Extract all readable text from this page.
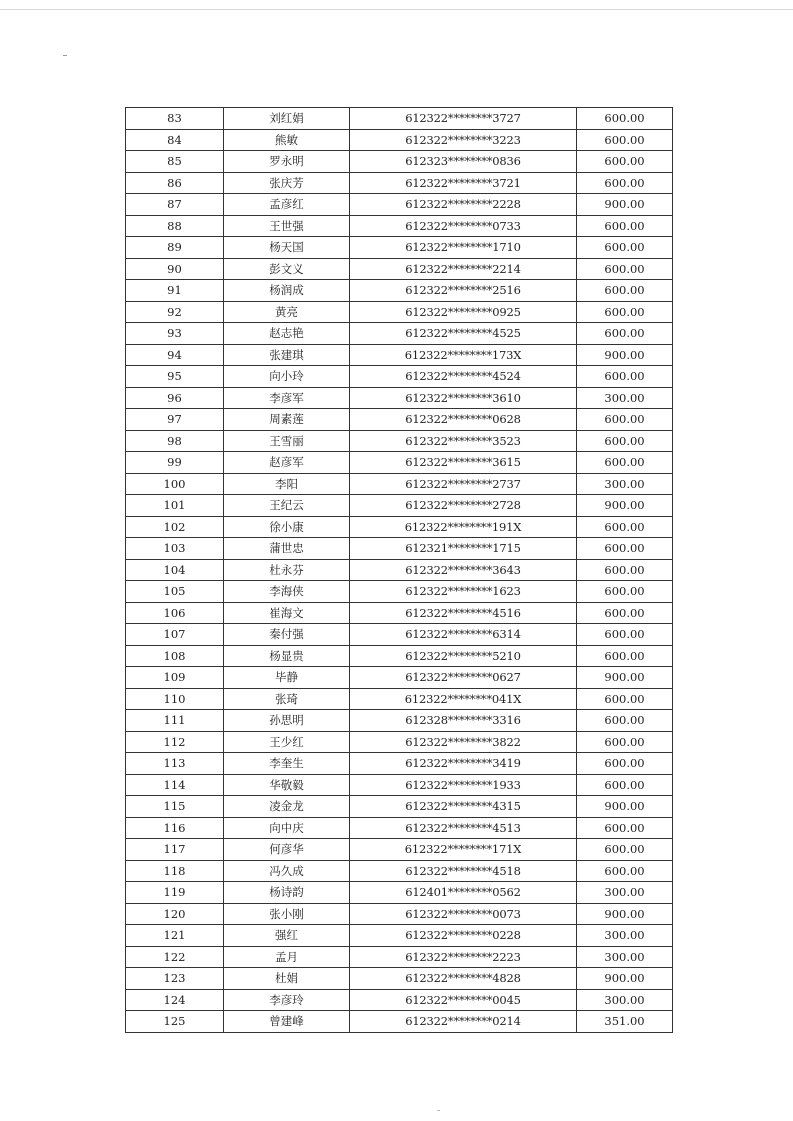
83	刘红娟	612322********3727	600.00
84	熊敏	612322********3223	600.00
85	罗永明	612323********0836	600.00
86	张庆芳	612322********3721	600.00
87	孟彦红	612322********2228	900.00
88	王世强	612322********0733	600.00
89	杨天国	612322********1710	600.00
90	彭文义	612322********2214	600.00
91	杨润成	612322********2516	600.00
92	黄亮	612322********0925	600.00
93	赵志艳	612322********4525	600.00
94	张建琪	612322********173X	900.00
95	向小玲	612322********4524	600.00
96	李彦军	612322********3610	300.00
97	周素莲	612322********0628	600.00
98	王雪丽	612322********3523	600.00
99	赵彦军	612322********3615	600.00
100	李阳	612322********2737	300.00
101	王纪云	612322********2728	900.00
102	徐小康	612322********191X	600.00
103	蒲世忠	612321********1715	600.00
104	杜永芬	612322********3643	600.00
105	李海侠	612322********1623	600.00
106	崔海文	612322********4516	600.00
107	秦付强	612322********6314	600.00
108	杨显贵	612322********5210	600.00
109	毕静	612322********0627	900.00
110	张琦	612322********041X	600.00
111	孙思明	612328********3316	600.00
112	王少红	612322********3822	600.00
113	李奎生	612322********3419	600.00
114	华敬毅	612322********1933	600.00
115	凌金龙	612322********4315	900.00
116	向中庆	612322********4513	600.00
117	何彦华	612322********171X	600.00
118	冯久成	612322********4518	600.00
119	杨诗韵	612401********0562	300.00
120	张小刚	612322********0073	900.00
121	强红	612322********0228	300.00
122	孟月	612322********2223	300.00
123	杜娟	612322********4828	900.00
124	李彦玲	612322********0045	300.00
125	曾建峰	612322********0214	351.00
